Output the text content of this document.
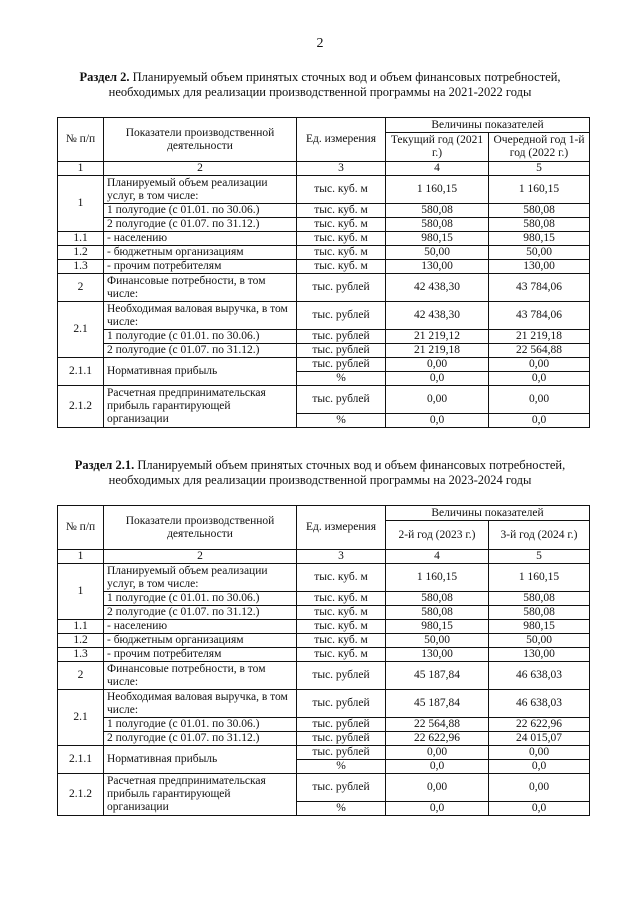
2
Раздел 2. Планируемый объем принятых сточных вод и объем финансовых потребностей, необходимых для реализации производственной программы на 2021-2022 годы
№ п/п	Показатели производственной деятельности	Ед. измерения	Величины показателей	
			Текущий год (2021 г.)	Очередной год 1-й год (2022 г.)
1	2	3	4	5
1	Планируемый объем реализации услуг, в том числе:	тыс. куб. м	1 160,15	1 160,15
	1 полугодие (с 01.01. по 30.06.)	тыс. куб. м	580,08	580,08
	2 полугодие (с 01.07. по 31.12.)	тыс. куб. м	580,08	580,08
1.1	- населению	тыс. куб. м	980,15	980,15
1.2	- бюджетным организациям	тыс. куб. м	50,00	50,00
1.3	- прочим потребителям	тыс. куб. м	130,00	130,00
2	Финансовые потребности, в том числе:	тыс. рублей	42 438,30	43 784,06
2.1	Необходимая валовая выручка, в том числе:	тыс. рублей	42 438,30	43 784,06
	1 полугодие (с 01.01. по 30.06.)	тыс. рублей	21 219,12	21 219,18
	2 полугодие (с 01.07. по 31.12.)	тыс. рублей	21 219,18	22 564,88
2.1.1	Нормативная прибыль	тыс. рублей	0,00	0,00
		%	0,0	0,0
2.1.2	Расчетная предпринимательская прибыль гарантирующей организации	тыс. рублей	0,00	0,00
		%	0,0	0,0
Раздел 2.1. Планируемый объем принятых сточных вод и объем финансовых потребностей, необходимых для реализации производственной программы на 2023-2024 годы
№ п/п	Показатели производственной деятельности	Ед. измерения	Величины показателей	
			2-й год (2023 г.)	3-й год (2024 г.)
1	2	3	4	5
1	Планируемый объем реализации услуг, в том числе:	тыс. куб. м	1 160,15	1 160,15
	1 полугодие (с 01.01. по 30.06.)	тыс. куб. м	580,08	580,08
	2 полугодие (с 01.07. по 31.12.)	тыс. куб. м	580,08	580,08
1.1	- населению	тыс. куб. м	980,15	980,15
1.2	- бюджетным организациям	тыс. куб. м	50,00	50,00
1.3	- прочим потребителям	тыс. куб. м	130,00	130,00
2	Финансовые потребности, в том числе:	тыс. рублей	45 187,84	46 638,03
2.1	Необходимая валовая выручка, в том числе:	тыс. рублей	45 187,84	46 638,03
	1 полугодие (с 01.01. по 30.06.)	тыс. рублей	22 564,88	22 622,96
	2 полугодие (с 01.07. по 31.12.)	тыс. рублей	22 622,96	24 015,07
2.1.1	Нормативная прибыль	тыс. рублей	0,00	0,00
		%	0,0	0,0
2.1.2	Расчетная предпринимательская прибыль гарантирующей организации	тыс. рублей	0,00	0,00
		%	0,0	0,0
